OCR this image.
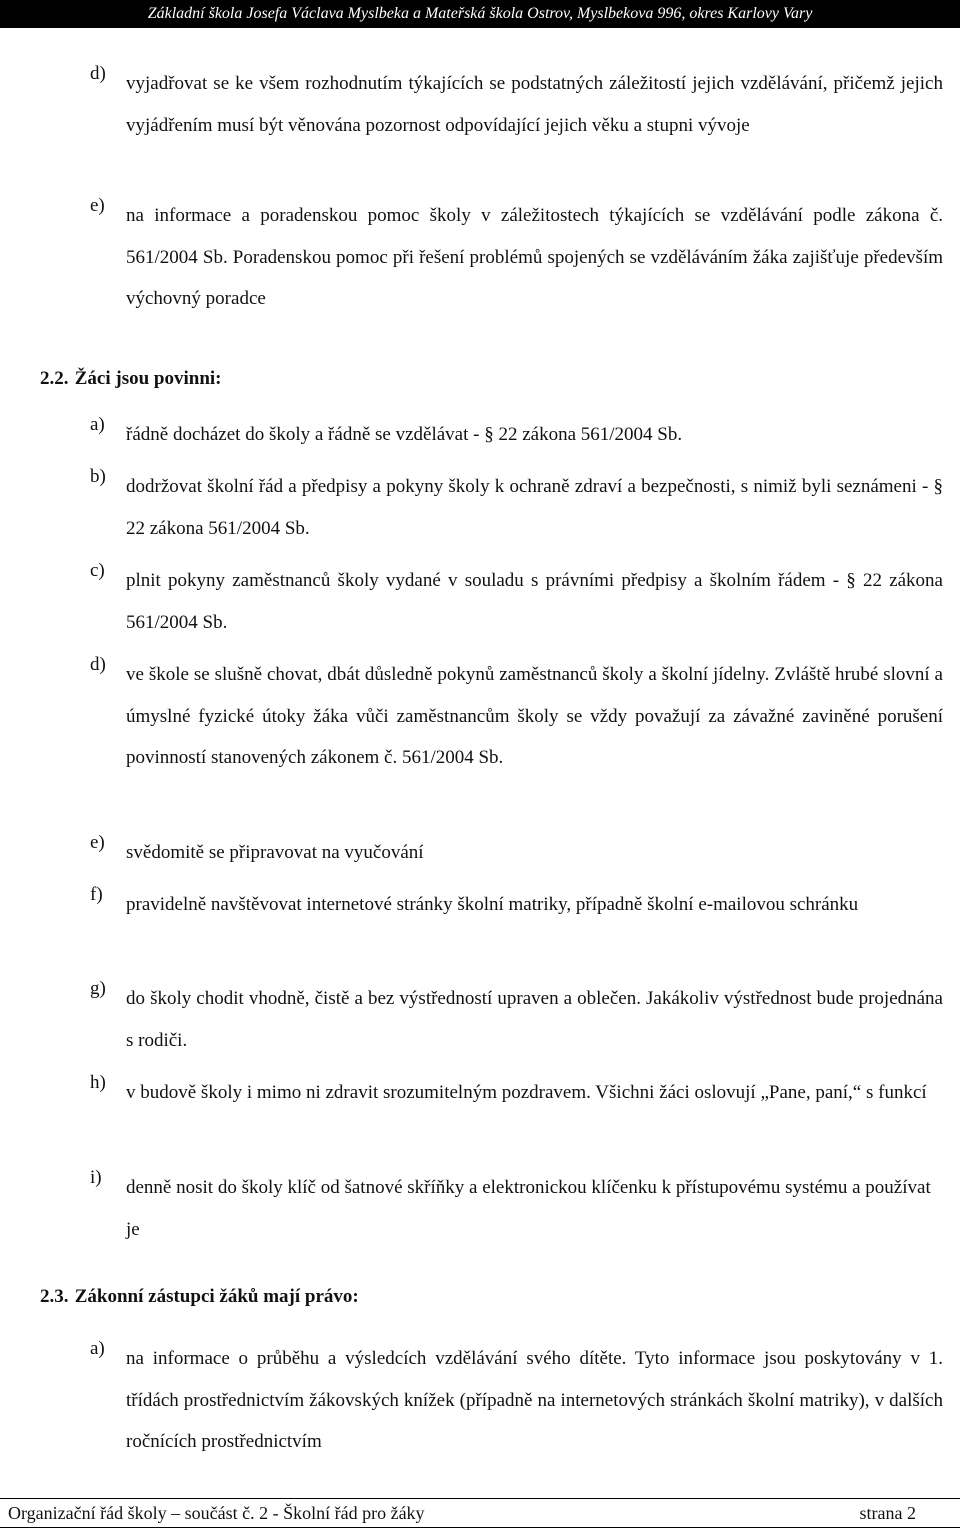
Základní škola Josefa Václava Myslbeka a Mateřská škola Ostrov, Myslbekova 996, okres Karlovy Vary
d) vyjadřovat se ke všem rozhodnutím týkajících se podstatných záležitostí jejich vzdělávání, přičemž jejich vyjádřením musí být věnována pozornost odpovídající jejich věku a stupni vývoje
e) na informace a poradenskou pomoc školy v záležitostech týkajících se vzdělávání podle zákona č. 561/2004 Sb. Poradenskou pomoc při řešení problémů spojených se vzděláváním žáka zajišťuje především výchovný poradce
2.2. Žáci jsou povinni:
a) řádně docházet do školy a řádně se vzdělávat - § 22 zákona 561/2004 Sb.
b) dodržovat školní řád a předpisy a pokyny školy k ochraně zdraví a bezpečnosti, s nimiž byli seznámeni - § 22 zákona 561/2004 Sb.
c) plnit pokyny zaměstnanců školy vydané v souladu s právními předpisy a školním řádem - § 22 zákona 561/2004 Sb.
d) ve škole se slušně chovat, dbát důsledně pokynů zaměstnanců školy a školní jídelny. Zvláště hrubé slovní a úmyslné fyzické útoky žáka vůči zaměstnancům školy se vždy považují za závažné zaviněné porušení povinností stanovených zákonem č. 561/2004 Sb.
e) svědomitě se připravovat na vyučování
f) pravidelně navštěvovat internetové stránky školní matriky, případně školní e-mailovou schránku
g) do školy chodit vhodně, čistě a bez výstředností upraven a oblečen. Jakákoliv výstřednost bude projednána s rodiči.
h) v budově školy i mimo ni zdravit srozumitelným pozdravem. Všichni žáci oslovují „Pane, paní,“ s funkcí
i) denně nosit do školy klíč od šatnové skříňky a elektronickou klíčenku k přístupovému systému a používat je
2.3. Zákonní zástupci žáků mají právo:
a) na informace o průběhu a výsledcích vzdělávání svého dítěte. Tyto informace jsou poskytovány v 1. třídách prostřednictvím žákovských knížek (případně na internetových stránkách školní matriky), v dalších ročnících prostřednictvím
Organizační řád školy – součást č. 2 - Školní řád pro žáky	strana 2
